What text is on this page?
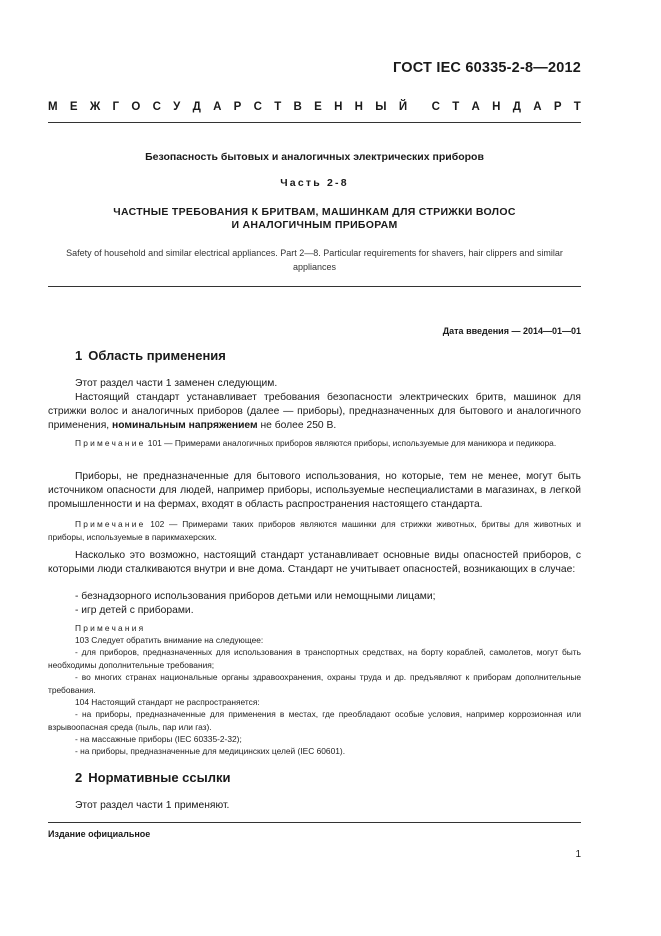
ГОСТ IEC 60335-2-8—2012
М Е Ж Г О С У Д А Р С Т В Е Н Н Ы Й С Т А Н Д А Р Т
Безопасность бытовых и аналогичных электрических приборов
Часть 2-8
ЧАСТНЫЕ ТРЕБОВАНИЯ К БРИТВАМ, МАШИНКАМ ДЛЯ СТРИЖКИ ВОЛОС
И АНАЛОГИЧНЫМ ПРИБОРАМ
Safety of household and similar electrical appliances. Part 2—8. Particular requirements for shavers, hair clippers and similar appliances
Дата введения — 2014—01—01
1 Область применения
Этот раздел части 1 заменен следующим.
Настоящий стандарт устанавливает требования безопасности электрических бритв, машинок для стрижки волос и аналогичных приборов (далее — приборы), предназначенных для бытового и аналогичного применения, номинальным напряжением не более 250 В.
Примечание 101 — Примерами аналогичных приборов являются приборы, используемые для маникюра и педикюра.
Приборы, не предназначенные для бытового использования, но которые, тем не менее, могут быть источником опасности для людей, например приборы, используемые неспециалистами в магазинах, в легкой промышленности и на фермах, входят в область распространения настоящего стандарта.
Примечание 102 — Примерами таких приборов являются машинки для стрижки животных, бритвы для животных и приборы, используемые в парикмахерских.
Насколько это возможно, настоящий стандарт устанавливает основные виды опасностей приборов, с которыми люди сталкиваются внутри и вне дома. Стандарт не учитывает опасностей, возникающих в случае:
- безнадзорного использования приборов детьми или немощными лицами;
- игр детей с приборами.
Примечания
103 Следует обратить внимание на следующее:
- для приборов, предназначенных для использования в транспортных средствах, на борту кораблей, самолетов, могут быть необходимы дополнительные требования;
- во многих странах национальные органы здравоохранения, охраны труда и др. предъявляют к приборам дополнительные требования.
104 Настоящий стандарт не распространяется:
- на приборы, предназначенные для применения в местах, где преобладают особые условия, например коррозионная или взрывоопасная среда (пыль, пар или газ).
- на массажные приборы (IEC 60335-2-32);
- на приборы, предназначенные для медицинских целей (IEC 60601).
2 Нормативные ссылки
Этот раздел части 1 применяют.
Издание официальное
1
